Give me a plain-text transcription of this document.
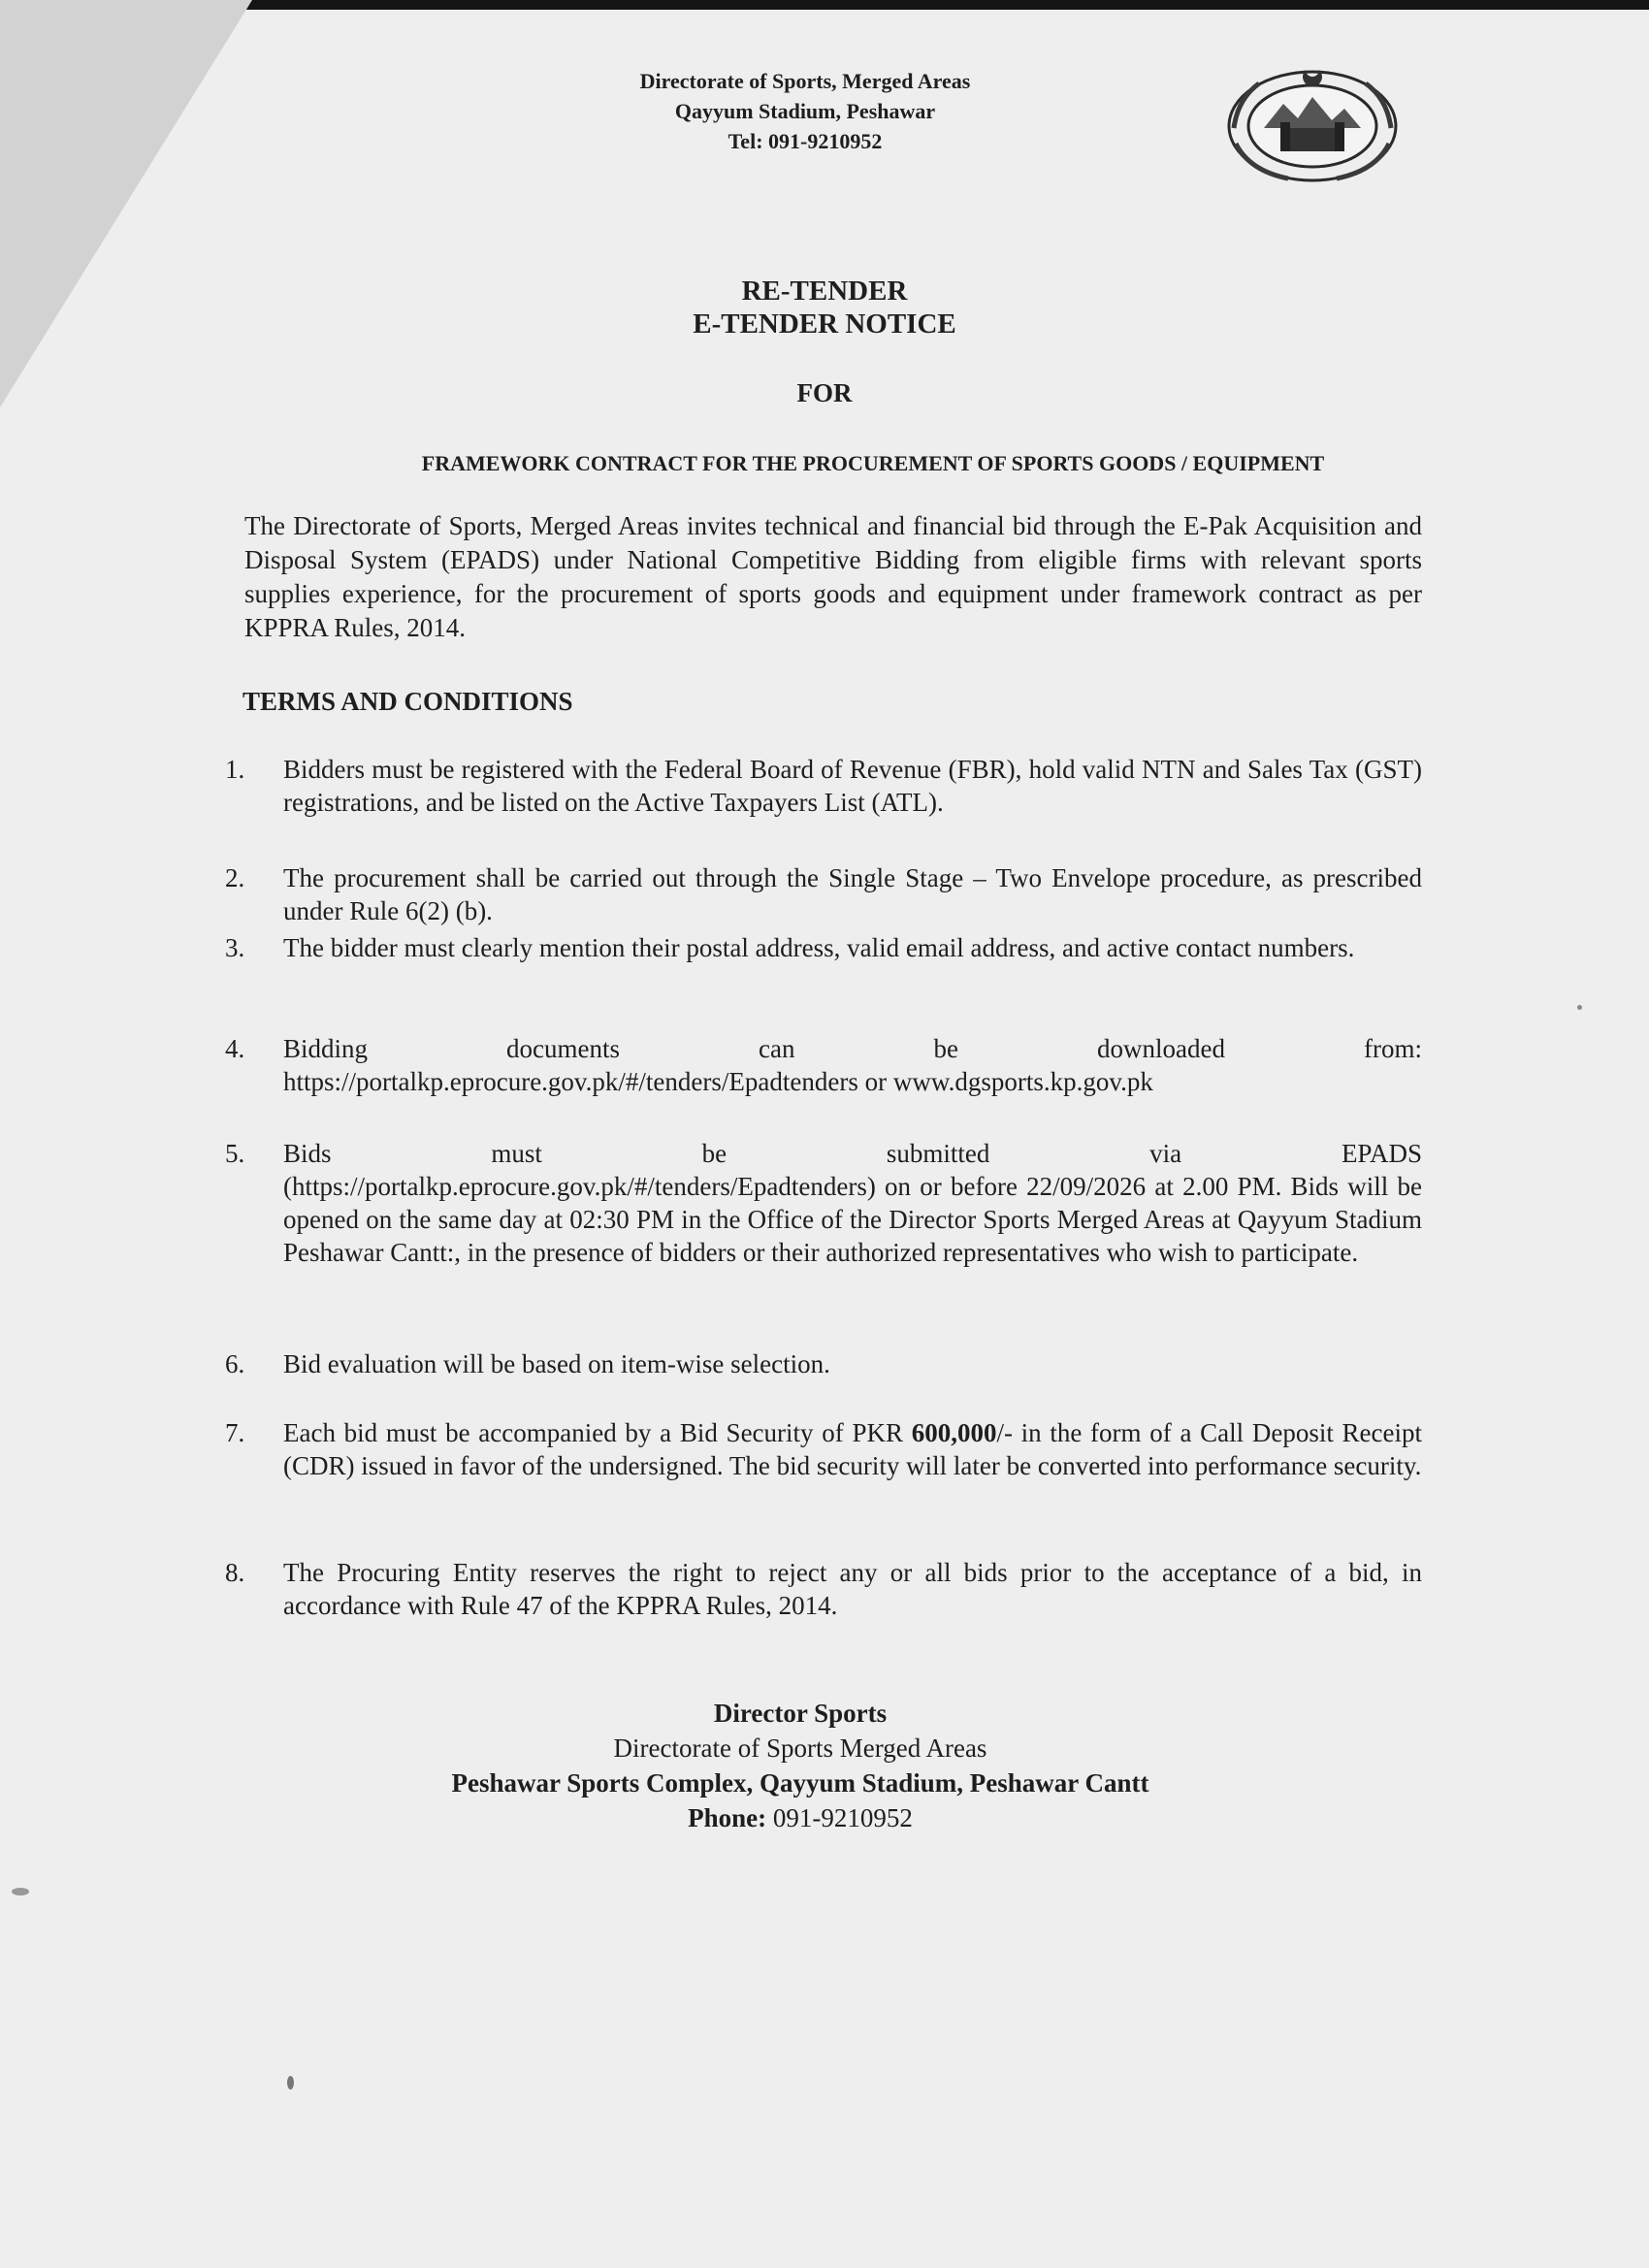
Directorate of Sports, Merged Areas
Qayyum Stadium, Peshawar
Tel: 091-9210952
RE-TENDER
E-TENDER NOTICE
FOR
FRAMEWORK CONTRACT FOR THE PROCUREMENT OF SPORTS GOODS / EQUIPMENT

The Directorate of Sports, Merged Areas invites technical and financial bid through the E-Pak Acquisition and Disposal System (EPADS) under National Competitive Bidding from eligible firms with relevant sports supplies experience, for the procurement of sports goods and equipment under framework contract as per KPPRA Rules, 2014.

TERMS AND CONDITIONS
1.	Bidders must be registered with the Federal Board of Revenue (FBR), hold valid NTN and Sales Tax (GST) registrations, and be listed on the Active Taxpayers List (ATL).
2.	The procurement shall be carried out through the Single Stage – Two Envelope procedure, as prescribed under Rule 6(2) (b).
3.	The bidder must clearly mention their postal address, valid email address, and active contact numbers.
4.	Bidding	documents	can	be	downloaded	from:
https://portalkp.eprocure.gov.pk/#/tenders/Epadtenders or www.dgsports.kp.gov.pk
5.	Bids	must	be	submitted	via	EPADS
(https://portalkp.eprocure.gov.pk/#/tenders/Epadtenders) on or before 22/09/2026 at 2.00 PM. Bids will be opened on the same day at 02:30 PM in the Office of the Director Sports Merged Areas at Qayyum Stadium Peshawar Cantt:, in the presence of bidders or their authorized representatives who wish to participate.
6.	Bid evaluation will be based on item-wise selection.
7.	Each bid must be accompanied by a Bid Security of PKR 600,000/- in the form of a Call Deposit Receipt (CDR) issued in favor of the undersigned. The bid security will later be converted into performance security.
8.	The Procuring Entity reserves the right to reject any or all bids prior to the acceptance of a bid, in accordance with Rule 47 of the KPPRA Rules, 2014.
Director Sports
Directorate of Sports Merged Areas
Peshawar Sports Complex, Qayyum Stadium, Peshawar Cantt
Phone: 091-9210952
